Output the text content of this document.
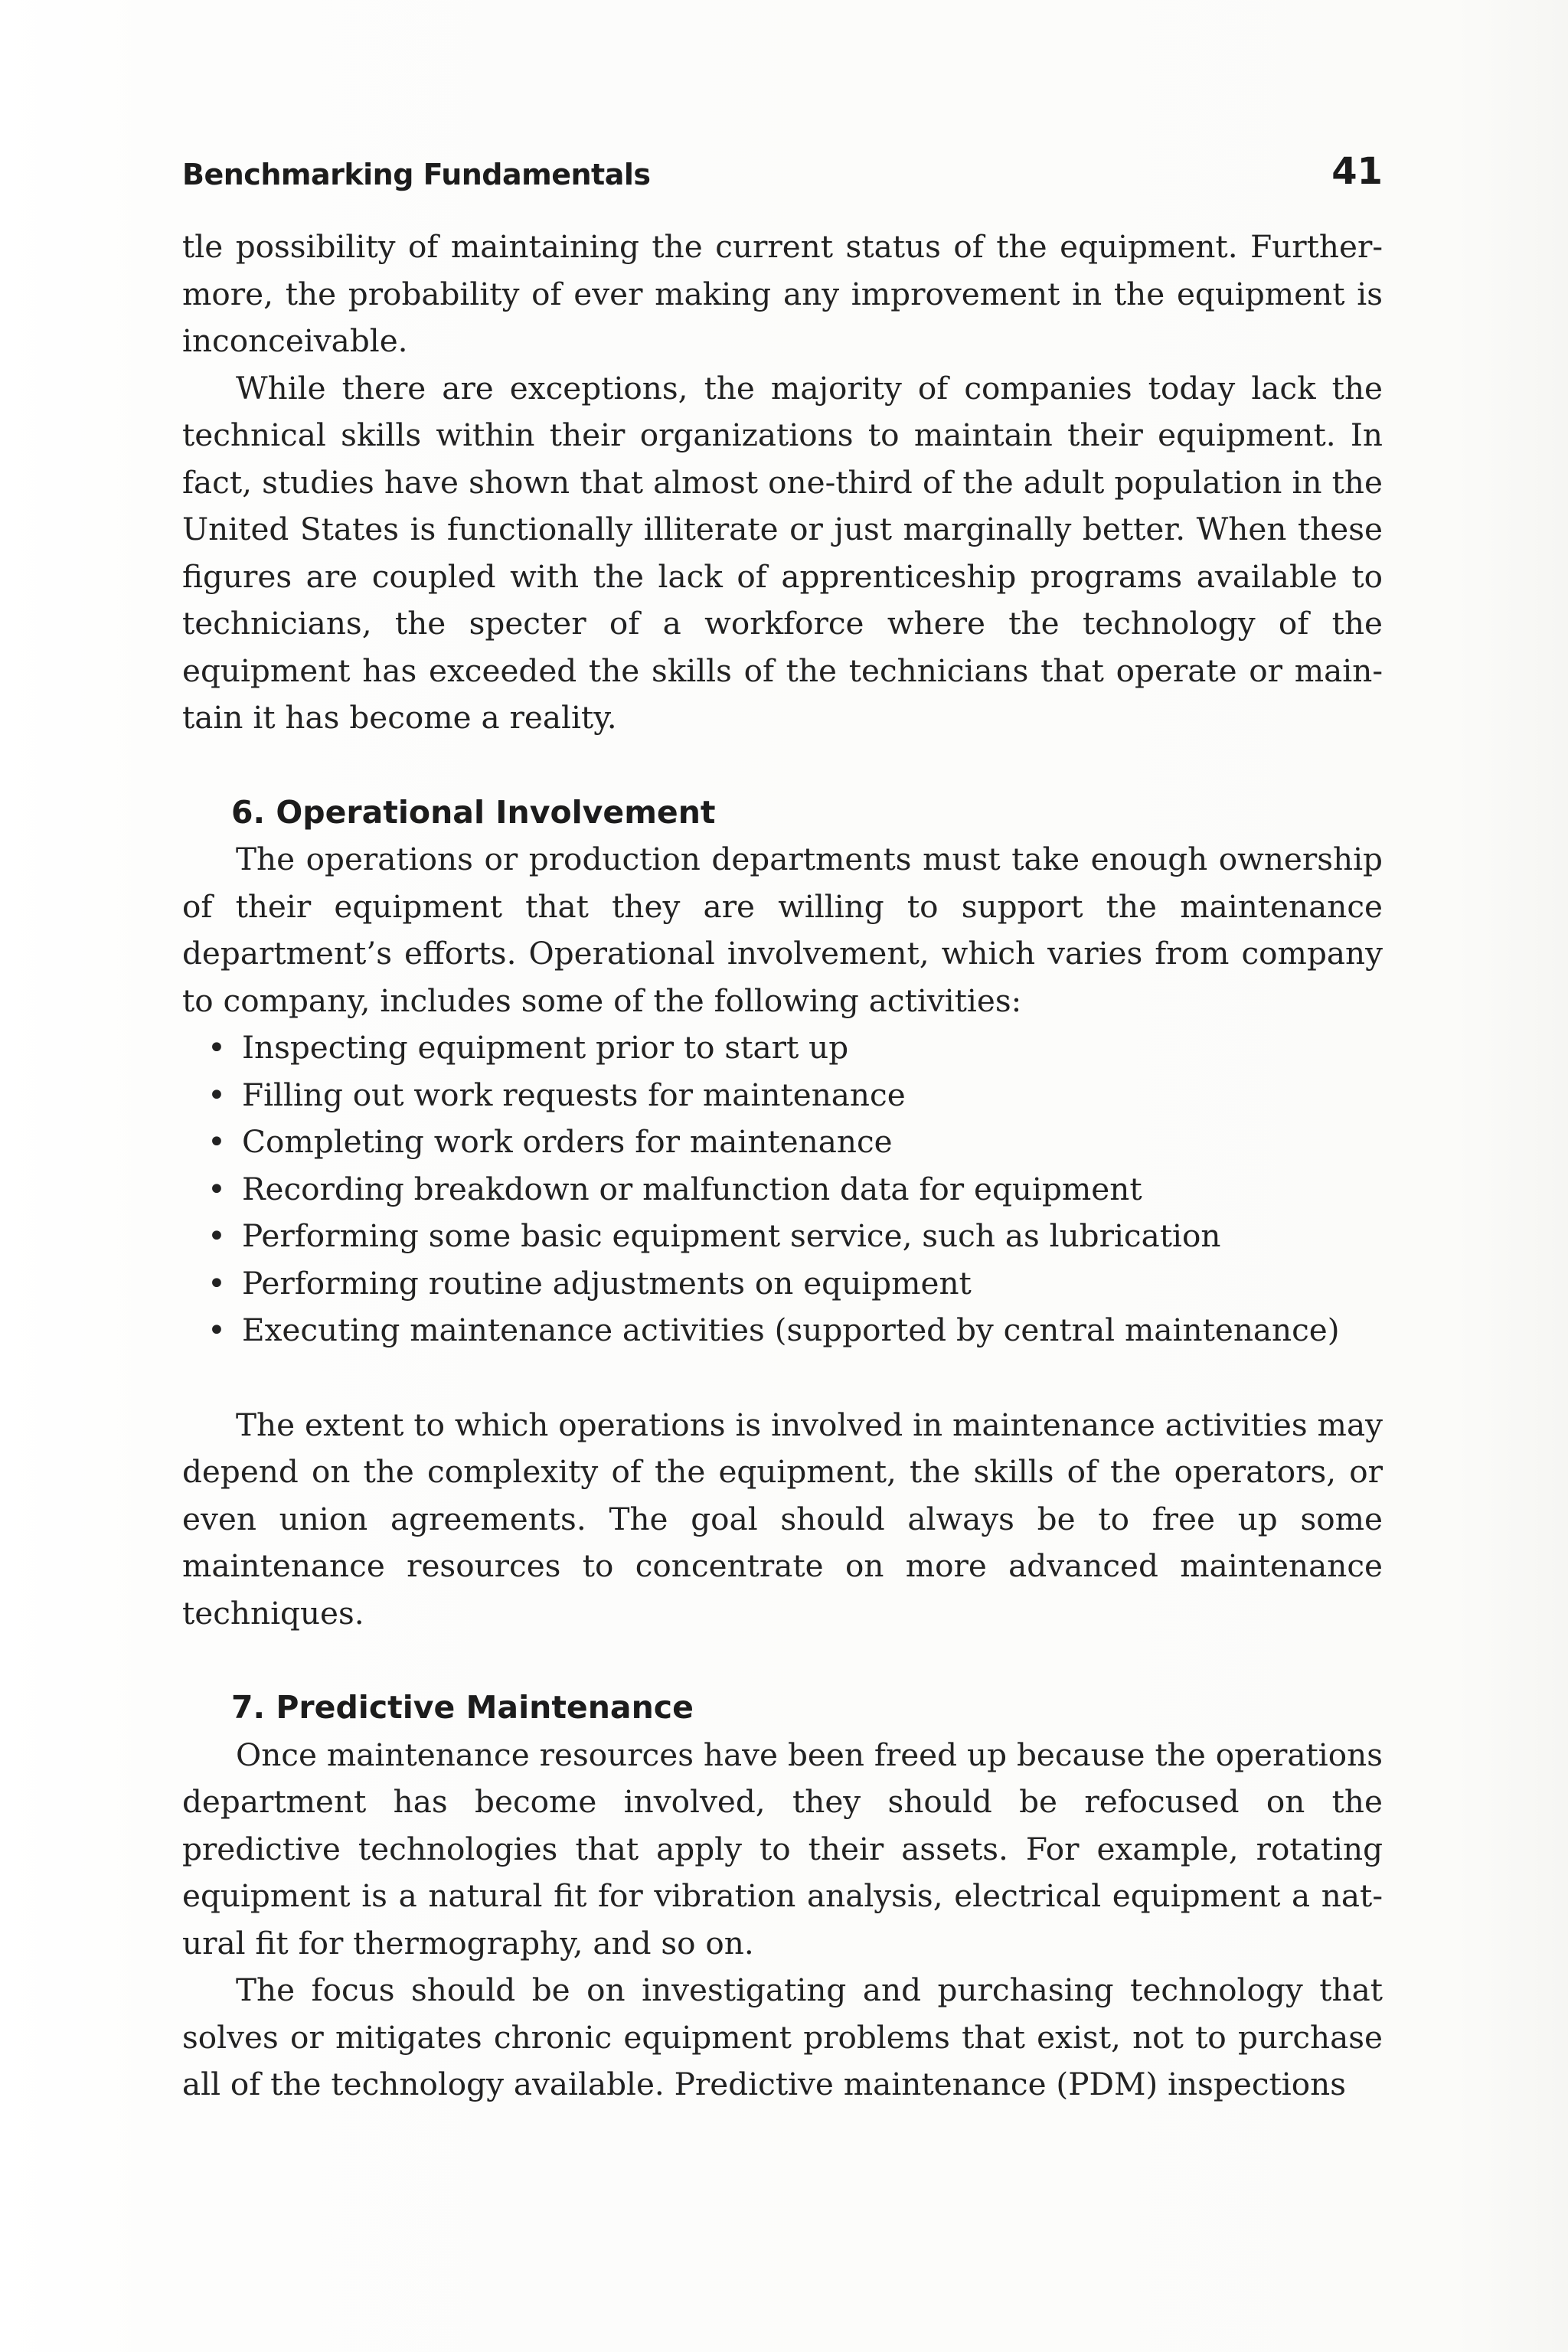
Benchmarking Fundamentals	41

tle possibility of maintaining the current status of the equipment. Furthermore, the probability of ever making any improvement in the equipment is inconceivable.

While there are exceptions, the majority of companies today lack the technical skills within their organizations to maintain their equipment. In fact, studies have shown that almost one-third of the adult population in the United States is functionally illiterate or just marginally better. When these figures are coupled with the lack of apprenticeship programs available to technicians, the specter of a workforce where the technology of the equipment has exceeded the skills of the technicians that operate or maintain it has become a reality.

6. Operational Involvement

The operations or production departments must take enough ownership of their equipment that they are willing to support the maintenance department’s efforts. Operational involvement, which varies from company to company, includes some of the following activities:

• Inspecting equipment prior to start up
• Filling out work requests for maintenance
• Completing work orders for maintenance
• Recording breakdown or malfunction data for equipment
• Performing some basic equipment service, such as lubrication
• Performing routine adjustments on equipment
• Executing maintenance activities (supported by central maintenance)

The extent to which operations is involved in maintenance activities may depend on the complexity of the equipment, the skills of the operators, or even union agreements. The goal should always be to free up some maintenance resources to concentrate on more advanced maintenance techniques.

7. Predictive Maintenance

Once maintenance resources have been freed up because the operations department has become involved, they should be refocused on the predictive technologies that apply to their assets. For example, rotating equipment is a natural fit for vibration analysis, electrical equipment a natural fit for thermography, and so on.

The focus should be on investigating and purchasing technology that solves or mitigates chronic equipment problems that exist, not to purchase all of the technology available. Predictive maintenance (PDM) inspections
